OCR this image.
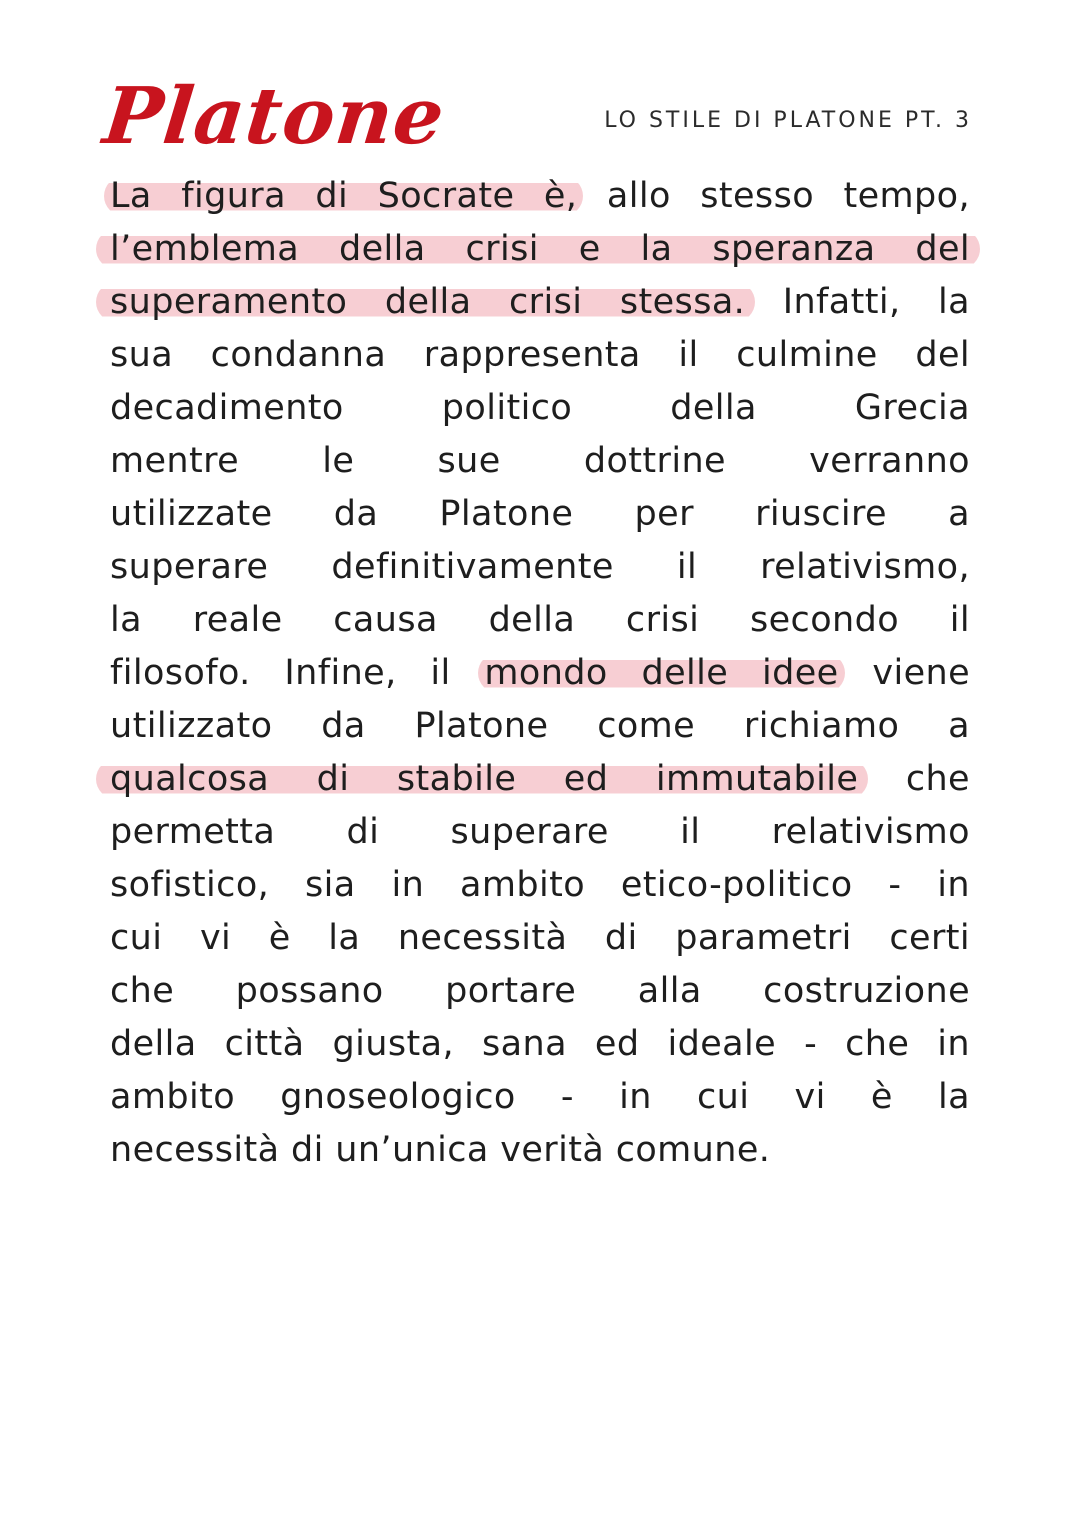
Platone	LO STILE DI PLATONE PT. 3

La figura di Socrate è, allo stesso tempo,
l’emblema della crisi e la speranza del
superamento della crisi stessa. Infatti, la
sua condanna rappresenta il culmine del
decadimento politico della Grecia
mentre le sue dottrine verranno
utilizzate da Platone per riuscire a
superare definitivamente il relativismo,
la reale causa della crisi secondo il
filosofo. Infine, il mondo delle idee viene
utilizzato da Platone come richiamo a
qualcosa di stabile ed immutabile che
permetta di superare il relativismo
sofistico, sia in ambito etico-politico - in
cui vi è la necessità di parametri certi
che possano portare alla costruzione
della città giusta, sana ed ideale - che in
ambito gnoseologico - in cui vi è la
necessità di un’unica verità comune.
